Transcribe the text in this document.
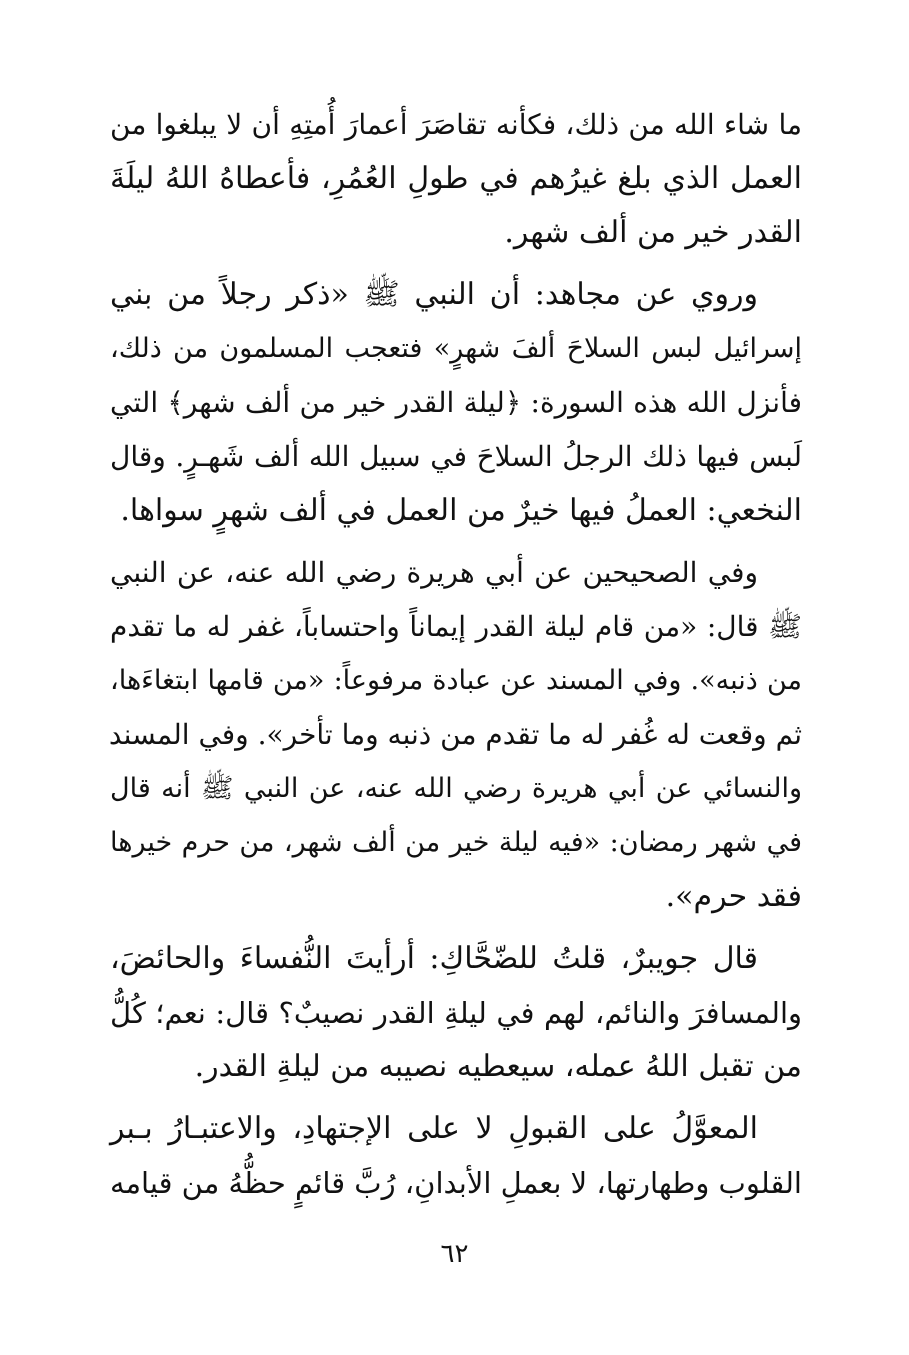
ما شاء الله من ذلك، فكأنه تقاصَرَ أعمارَ أُمتِهِ أن لا يبلغوا من
العمل الذي بلغ غيرُهم في طولِ العُمُرِ، فأعطاهُ اللهُ ليلَةَ
القدر خير من ألف شهر.
وروي عن مجاهد: أن النبي ﷺ «ذكر رجلاً من بني
إسرائيل لبس السلاحَ ألفَ شهرٍ» فتعجب المسلمون من ذلك،
فأنزل الله هذه السورة: ﴿ليلة القدر خير من ألف شهر﴾ التي
لَبس فيها ذلك الرجلُ السلاحَ في سبيل الله ألف شَهـرٍ. وقال
النخعي: العملُ فيها خيرٌ من العمل في ألف شهرٍ سواها.
وفي الصحيحين عن أبي هريرة رضي الله عنه، عن النبي
ﷺ قال: «من قام ليلة القدر إيماناً واحتساباً، غفر له ما تقدم
من ذنبه». وفي المسند عن عبادة مرفوعاً: «من قامها ابتغاءَها،
ثم وقعت له غُفر له ما تقدم من ذنبه وما تأخر». وفي المسند
والنسائي عن أبي هريرة رضي الله عنه، عن النبي ﷺ أنه قال
في شهر رمضان: «فيه ليلة خير من ألف شهر، من حرم خيرها
فقد حرم».
قال جويبرٌ، قلتُ للضّحَّاكِ: أرأيتَ النُّفساءَ والحائضَ،
والمسافرَ والنائم، لهم في ليلةِ القدر نصيبٌ؟ قال: نعم؛ كُلُّ
من تقبل اللهُ عمله، سيعطيه نصيبه من ليلةِ القدر.
المعوَّلُ على القبولِ لا على الإجتهادِ، والاعتبـارُ بـبر
القلوب وطهارتها، لا بعملِ الأبدانِ، رُبَّ قائمٍ حظُّهُ من قيامه
٦٢
